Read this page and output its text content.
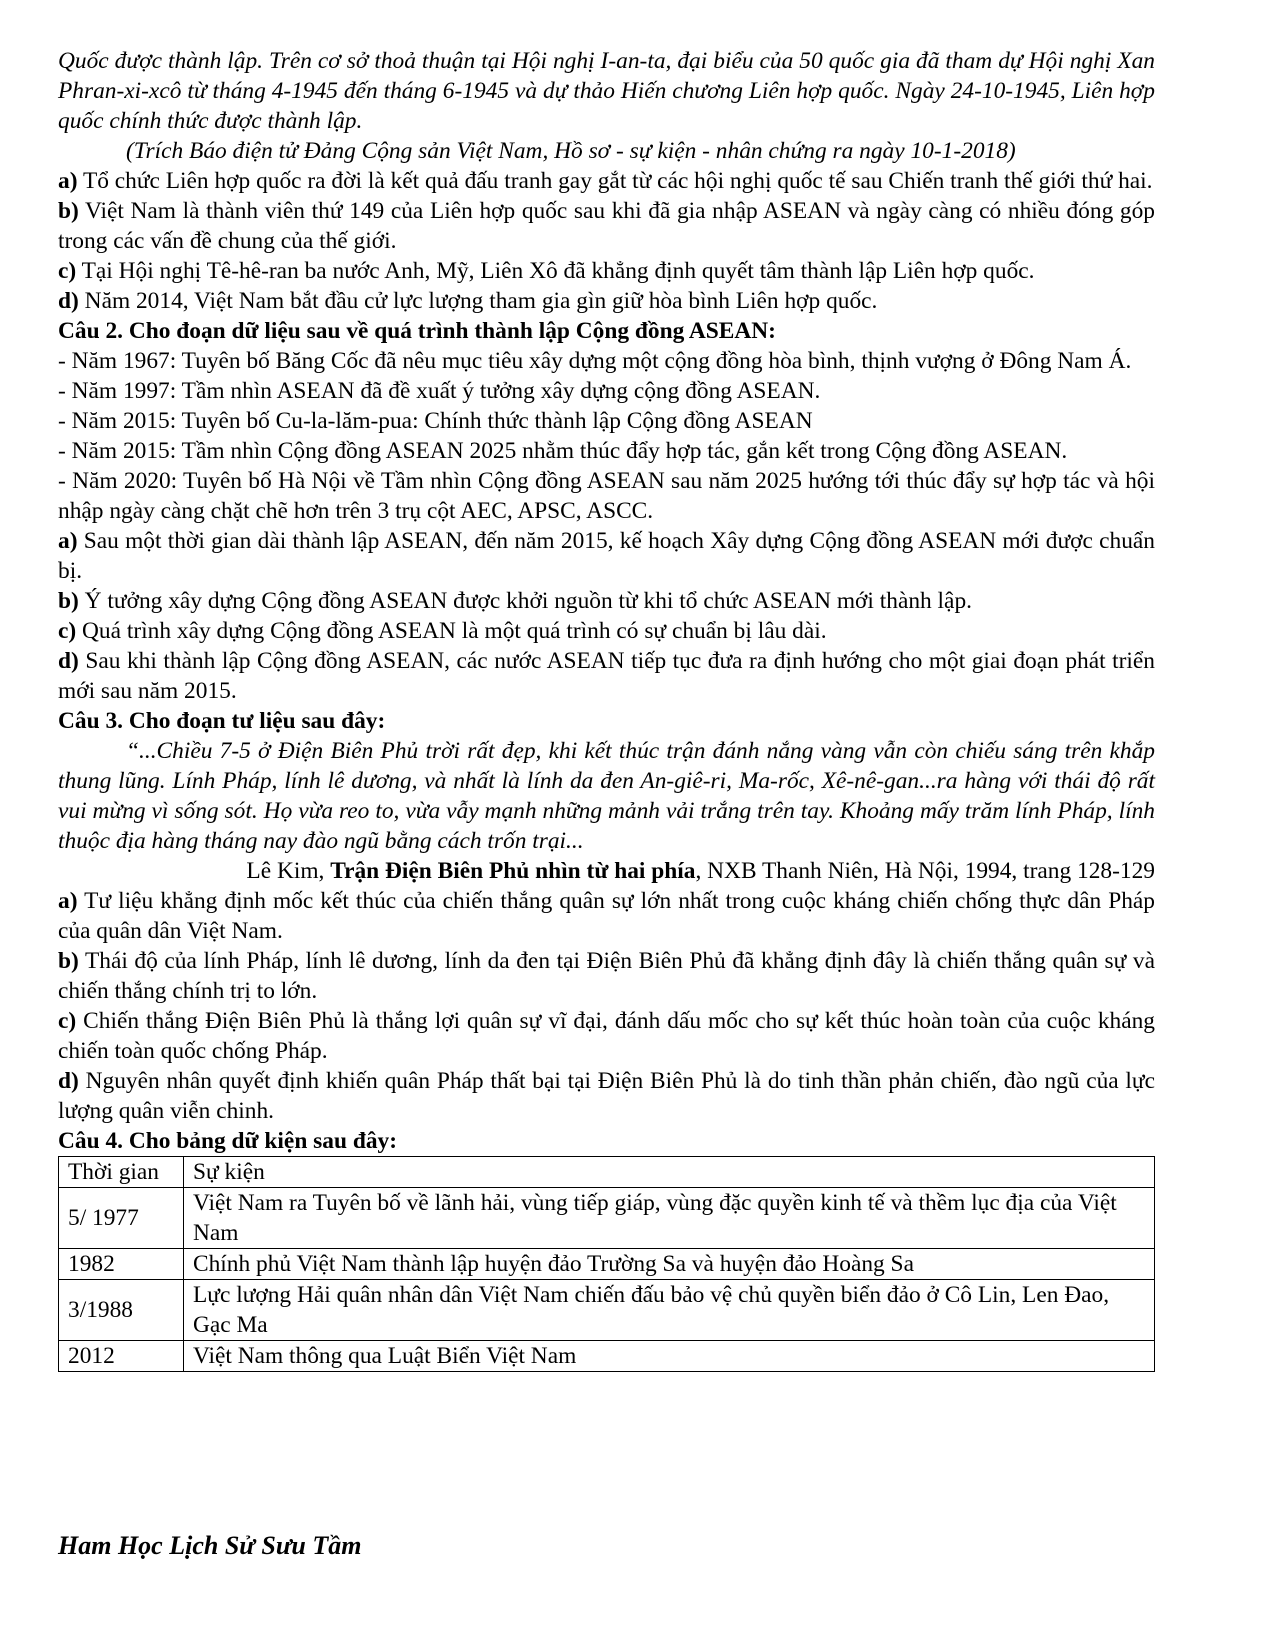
Quốc được thành lập. Trên cơ sở thoả thuận tại Hội nghị I-an-ta, đại biểu của 50 quốc gia đã tham dự Hội nghị Xan Phran-xi-xcô từ tháng 4-1945 đến tháng 6-1945 và dự thảo Hiến chương Liên hợp quốc. Ngày 24-10-1945, Liên hợp quốc chính thức được thành lập.

(Trích Báo điện tử Đảng Cộng sản Việt Nam, Hồ sơ - sự kiện - nhân chứng ra ngày 10-1-2018)

a) Tổ chức Liên hợp quốc ra đời là kết quả đấu tranh gay gắt từ các hội nghị quốc tế sau Chiến tranh thế giới thứ hai.

b) Việt Nam là thành viên thứ 149 của Liên hợp quốc sau khi đã gia nhập ASEAN và ngày càng có nhiều đóng góp trong các vấn đề chung của thế giới.

c) Tại Hội nghị Tê-hê-ran ba nước Anh, Mỹ, Liên Xô đã khẳng định quyết tâm thành lập Liên hợp quốc.

d) Năm 2014, Việt Nam bắt đầu cử lực lượng tham gia gìn giữ hòa bình Liên hợp quốc.

Câu 2. Cho đoạn dữ liệu sau về quá trình thành lập Cộng đồng ASEAN:

- Năm 1967: Tuyên bố Băng Cốc đã nêu mục tiêu xây dựng một cộng đồng hòa bình, thịnh vượng ở Đông Nam Á.

- Năm 1997: Tầm nhìn ASEAN đã đề xuất ý tưởng xây dựng cộng đồng ASEAN.

- Năm 2015: Tuyên bố Cu-la-lăm-pua: Chính thức thành lập Cộng đồng ASEAN

- Năm 2015: Tầm nhìn Cộng đồng ASEAN 2025 nhằm thúc đẩy hợp tác, gắn kết trong Cộng đồng ASEAN.

- Năm 2020: Tuyên bố Hà Nội về Tầm nhìn Cộng đồng ASEAN sau năm 2025 hướng tới thúc đẩy sự hợp tác và hội nhập ngày càng chặt chẽ hơn trên 3 trụ cột AEC, APSC, ASCC.

a) Sau một thời gian dài thành lập ASEAN, đến năm 2015, kế hoạch Xây dựng Cộng đồng ASEAN mới được chuẩn bị.

b) Ý tưởng xây dựng Cộng đồng ASEAN được khởi nguồn từ khi tổ chức ASEAN mới thành lập.

c) Quá trình xây dựng Cộng đồng ASEAN là một quá trình có sự chuẩn bị lâu dài.

d) Sau khi thành lập Cộng đồng ASEAN, các nước ASEAN tiếp tục đưa ra định hướng cho một giai đoạn phát triển mới sau năm 2015.

Câu 3. Cho đoạn tư liệu sau đây:

“...Chiều 7-5 ở Điện Biên Phủ trời rất đẹp, khi kết thúc trận đánh nắng vàng vẫn còn chiếu sáng trên khắp thung lũng. Lính Pháp, lính lê dương, và nhất là lính da đen An-giê-ri, Ma-rốc, Xê-nê-gan...ra hàng với thái độ rất vui mừng vì sống sót. Họ vừa reo to, vừa vẫy mạnh những mảnh vải trắng trên tay. Khoảng mấy trăm lính Pháp, lính thuộc địa hàng tháng nay đào ngũ bằng cách trốn trại...

Lê Kim, Trận Điện Biên Phủ nhìn từ hai phía, NXB Thanh Niên, Hà Nội, 1994, trang 128-129

a) Tư liệu khẳng định mốc kết thúc của chiến thắng quân sự lớn nhất trong cuộc kháng chiến chống thực dân Pháp của quân dân Việt Nam.

b) Thái độ của lính Pháp, lính lê dương, lính da đen tại Điện Biên Phủ đã khẳng định đây là chiến thắng quân sự và chiến thắng chính trị to lớn.

c) Chiến thắng Điện Biên Phủ là thắng lợi quân sự vĩ đại, đánh dấu mốc cho sự kết thúc hoàn toàn của cuộc kháng chiến toàn quốc chống Pháp.

d) Nguyên nhân quyết định khiến quân Pháp thất bại tại Điện Biên Phủ là do tinh thần phản chiến, đào ngũ của lực lượng quân viễn chinh.

Câu 4. Cho bảng dữ kiện sau đây:

Thời gian	Sự kiện
5/ 1977	Việt Nam ra Tuyên bố về lãnh hải, vùng tiếp giáp, vùng đặc quyền kinh tế và thềm lục địa của Việt Nam
1982	Chính phủ Việt Nam thành lập huyện đảo Trường Sa và huyện đảo Hoàng Sa
3/1988	Lực lượng Hải quân nhân dân Việt Nam chiến đấu bảo vệ chủ quyền biển đảo ở Cô Lin, Len Đao, Gạc Ma
2012	Việt Nam thông qua Luật Biển Việt Nam
Ham Học Lịch Sử Sưu Tầm
